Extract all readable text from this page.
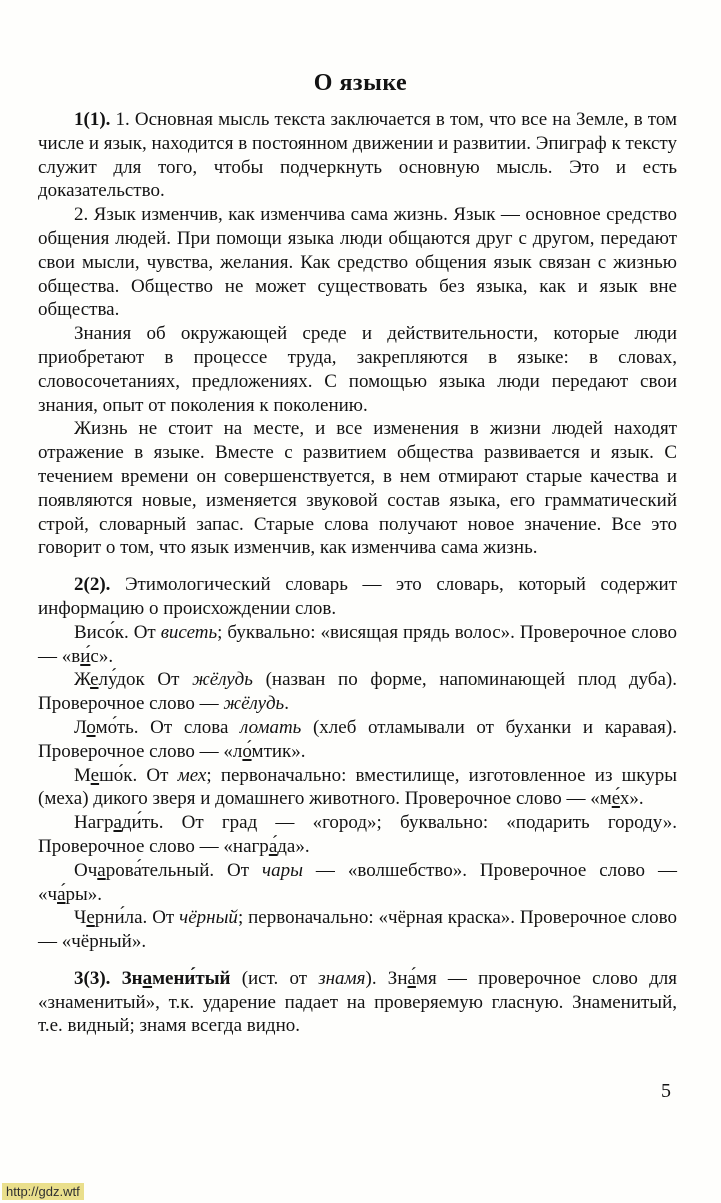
О языке

1(1). 1. Основная мысль текста заключается в том, что все на Земле, в том числе и язык, находится в постоянном движении и развитии. Эпиграф к тексту служит для того, чтобы подчеркнуть основную мысль. Это и есть доказательство.

2. Язык изменчив, как изменчива сама жизнь. Язык — основное средство общения людей. При помощи языка люди общаются друг с другом, передают свои мысли, чувства, желания. Как средство общения язык связан с жизнью общества. Общество не может существовать без языка, как и язык вне общества.

Знания об окружающей среде и действительности, которые люди приобретают в процессе труда, закрепляются в языке: в словах, словосочетаниях, предложениях. С помощью языка люди передают свои знания, опыт от поколения к поколению.

Жизнь не стоит на месте, и все изменения в жизни людей находят отражение в языке. Вместе с развитием общества развивается и язык. С течением времени он совершенствуется, в нем отмирают старые качества и появляются новые, изменяется звуковой состав языка, его грамматический строй, словарный запас. Старые слова получают новое значение. Все это говорит о том, что язык изменчив, как изменчива сама жизнь.

2(2). Этимологический словарь — это словарь, который содержит информацию о происхождении слов.

Висо́к. От висеть; буквально: «висящая прядь волос». Проверочное слово — «ви́с».

Желу́док От жёлудь (назван по форме, напоминающей плод дуба). Проверочное слово — жёлудь.

Ломо́ть. От слова ломать (хлеб отламывали от буханки и каравая). Проверочное слово — «ло́мтик».

Мешо́к. От мех; первоначально: вместилище, изготовленное из шкуры (меха) дикого зверя и домашнего животного. Проверочное слово — «ме́х».

Награди́ть. От град — «город»; буквально: «подарить городу». Проверочное слово — «награ́да».

Очарова́тельный. От чары — «волшебство». Проверочное слово — «ча́ры».

Черни́ла. От чёрный; первоначально: «чёрная краска». Проверочное слово — «чёрный».

3(3). Знамени́тый (ист. от знамя). Зна́мя — проверочное слово для «знаменитый», т.к. ударение падает на проверяемую гласную. Знаменитый, т.е. видный; знамя всегда видно.

5
http://gdz.wtf
